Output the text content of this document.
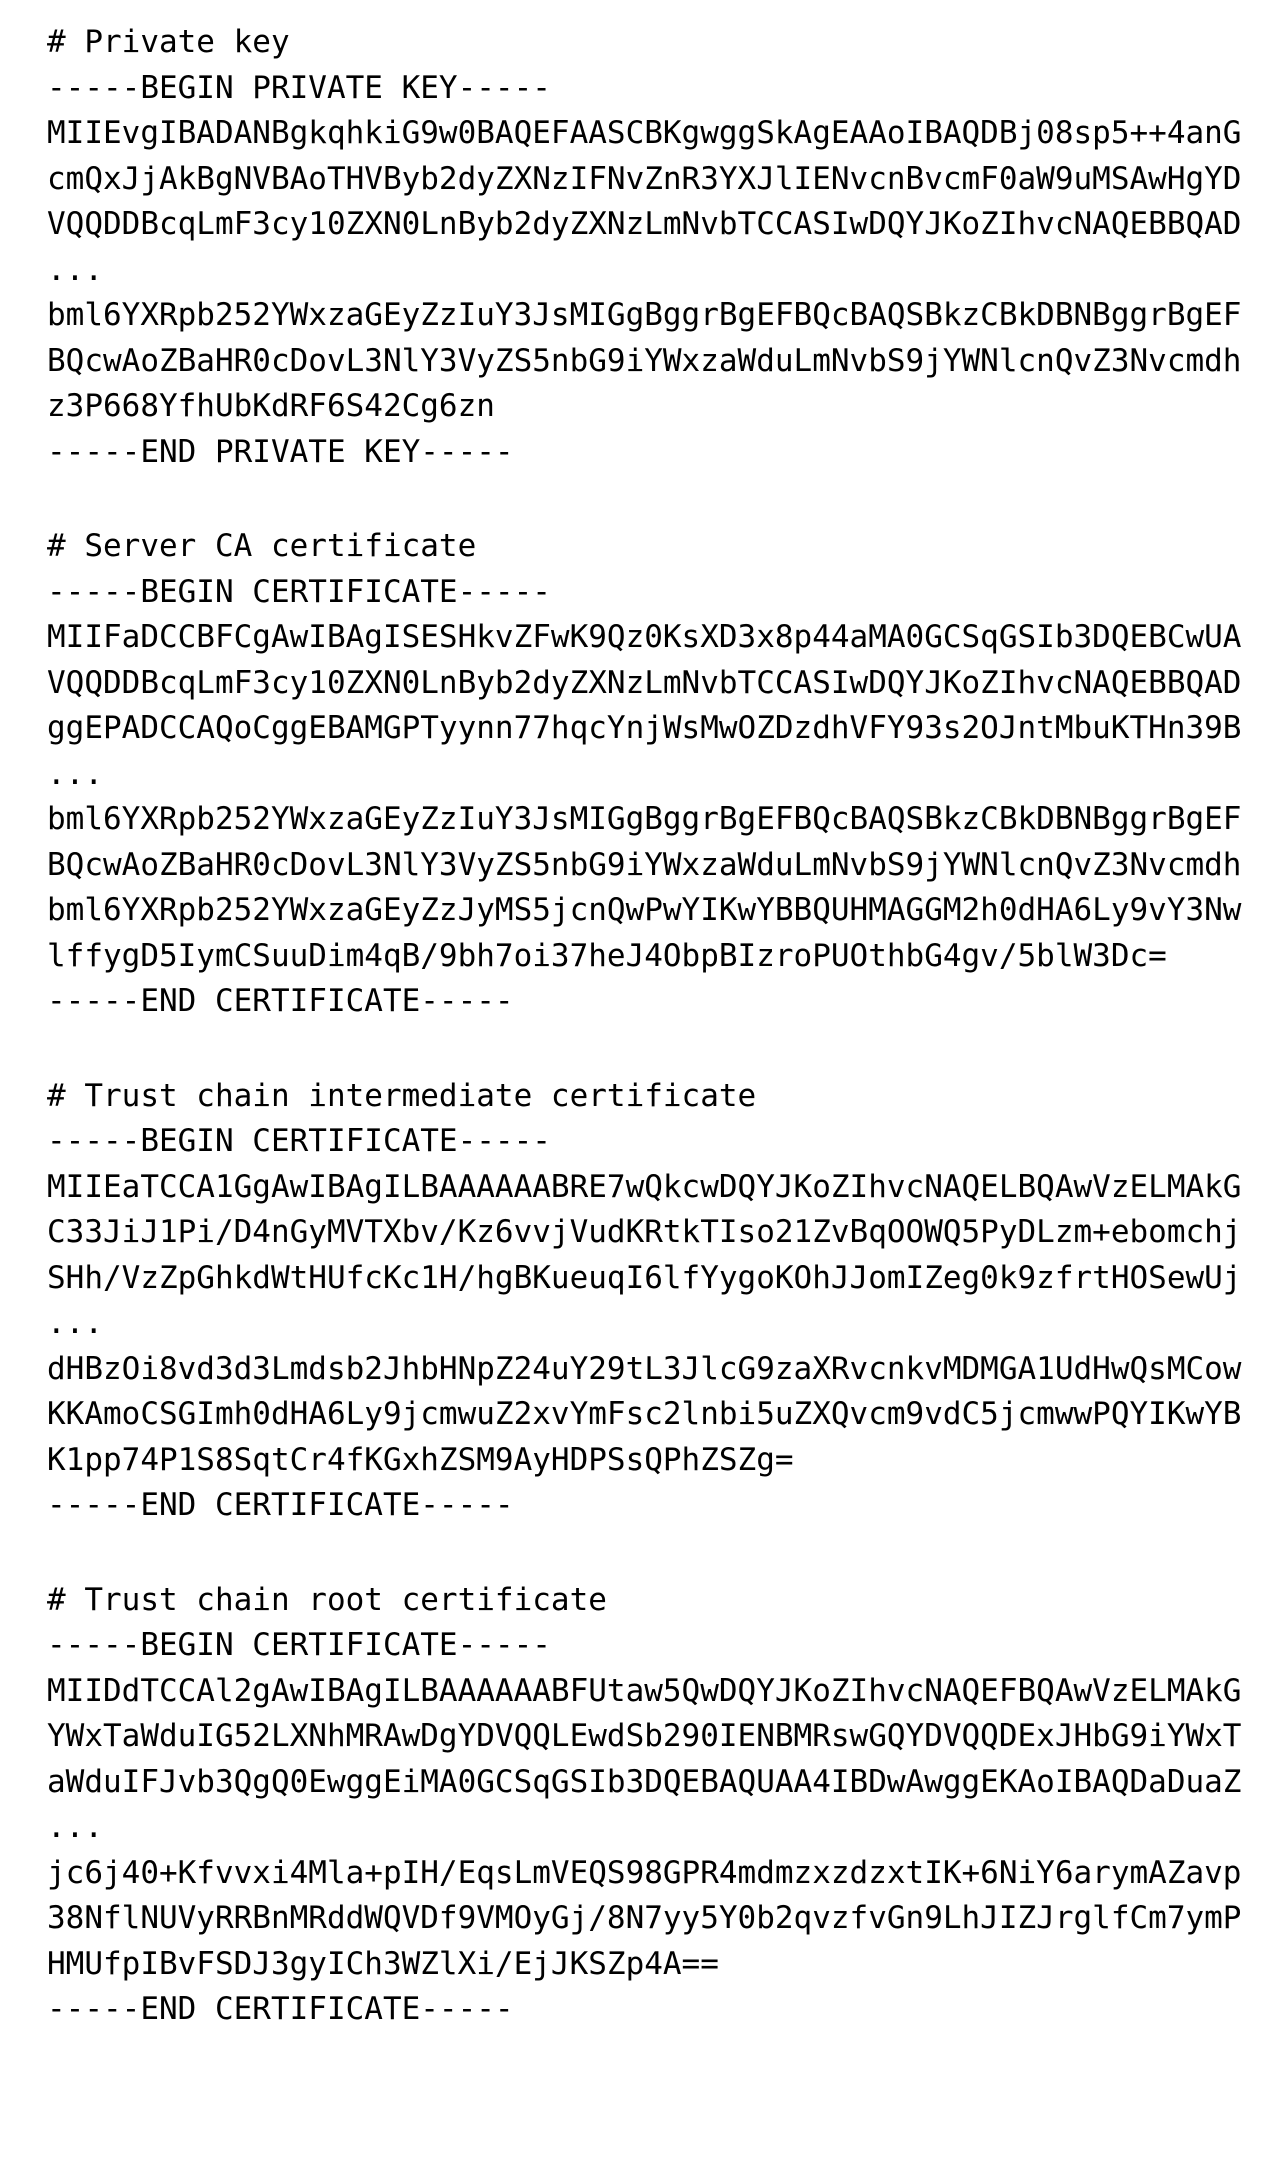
# Private key
-----BEGIN PRIVATE KEY-----
MIIEvgIBADANBgkqhkiG9w0BAQEFAASCBKgwggSkAgEAAoIBAQDBj08sp5++4anG
cmQxJjAkBgNVBAoTHVByb2dyZXNzIFNvZnR3YXJlIENvcnBvcmF0aW9uMSAwHgYD
VQQDDBcqLmF3cy10ZXN0LnByb2dyZXNzLmNvbTCCASIwDQYJKoZIhvcNAQEBBQAD
...
bml6YXRpb252YWxzaGEyZzIuY3JsMIGgBggrBgEFBQcBAQSBkzCBkDBNBggrBgEF
BQcwAoZBaHR0cDovL3NlY3VyZS5nbG9iYWxzaWduLmNvbS9jYWNlcnQvZ3Nvcmdh
z3P668YfhUbKdRF6S42Cg6zn
-----END PRIVATE KEY-----
# Server CA certificate
-----BEGIN CERTIFICATE-----
MIIFaDCCBFCgAwIBAgISESHkvZFwK9Qz0KsXD3x8p44aMA0GCSqGSIb3DQEBCwUA
VQQDDBcqLmF3cy10ZXN0LnByb2dyZXNzLmNvbTCCASIwDQYJKoZIhvcNAQEBBQAD
ggEPADCCAQoCggEBAMGPTyynn77hqcYnjWsMwOZDzdhVFY93s2OJntMbuKTHn39B
...
bml6YXRpb252YWxzaGEyZzIuY3JsMIGgBggrBgEFBQcBAQSBkzCBkDBNBggrBgEF
BQcwAoZBaHR0cDovL3NlY3VyZS5nbG9iYWxzaWduLmNvbS9jYWNlcnQvZ3Nvcmdh
bml6YXRpb252YWxzaGEyZzJyMS5jcnQwPwYIKwYBBQUHMAGGM2h0dHA6Ly9vY3Nw
lffygD5IymCSuuDim4qB/9bh7oi37heJ4ObpBIzroPUOthbG4gv/5blW3Dc=
-----END CERTIFICATE-----
# Trust chain intermediate certificate
-----BEGIN CERTIFICATE-----
MIIEaTCCA1GgAwIBAgILBAAAAAABRE7wQkcwDQYJKoZIhvcNAQELBQAwVzELMAkG
C33JiJ1Pi/D4nGyMVTXbv/Kz6vvjVudKRtkTIso21ZvBqOOWQ5PyDLzm+ebomchj
SHh/VzZpGhkdWtHUfcKc1H/hgBKueuqI6lfYygoKOhJJomIZeg0k9zfrtHOSewUj
...
dHBzOi8vd3d3Lmdsb2JhbHNpZ24uY29tL3JlcG9zaXRvcnkvMDMGA1UdHwQsMCow
KKAmoCSGImh0dHA6Ly9jcmwuZ2xvYmFsc2lnbi5uZXQvcm9vdC5jcmwwPQYIKwYB
K1pp74P1S8SqtCr4fKGxhZSM9AyHDPSsQPhZSZg=
-----END CERTIFICATE-----
# Trust chain root certificate
-----BEGIN CERTIFICATE-----
MIIDdTCCAl2gAwIBAgILBAAAAAABFUtaw5QwDQYJKoZIhvcNAQEFBQAwVzELMAkG
YWxTaWduIG52LXNhMRAwDgYDVQQLEwdSb290IENBMRswGQYDVQQDExJHbG9iYWxT
aWduIFJvb3QgQ0EwggEiMA0GCSqGSIb3DQEBAQUAA4IBDwAwggEKAoIBAQDaDuaZ
...
jc6j40+Kfvvxi4Mla+pIH/EqsLmVEQS98GPR4mdmzxzdzxtIK+6NiY6arymAZavp
38NflNUVyRRBnMRddWQVDf9VMOyGj/8N7yy5Y0b2qvzfvGn9LhJIZJrglfCm7ymP
HMUfpIBvFSDJ3gyICh3WZlXi/EjJKSZp4A==
-----END CERTIFICATE-----
